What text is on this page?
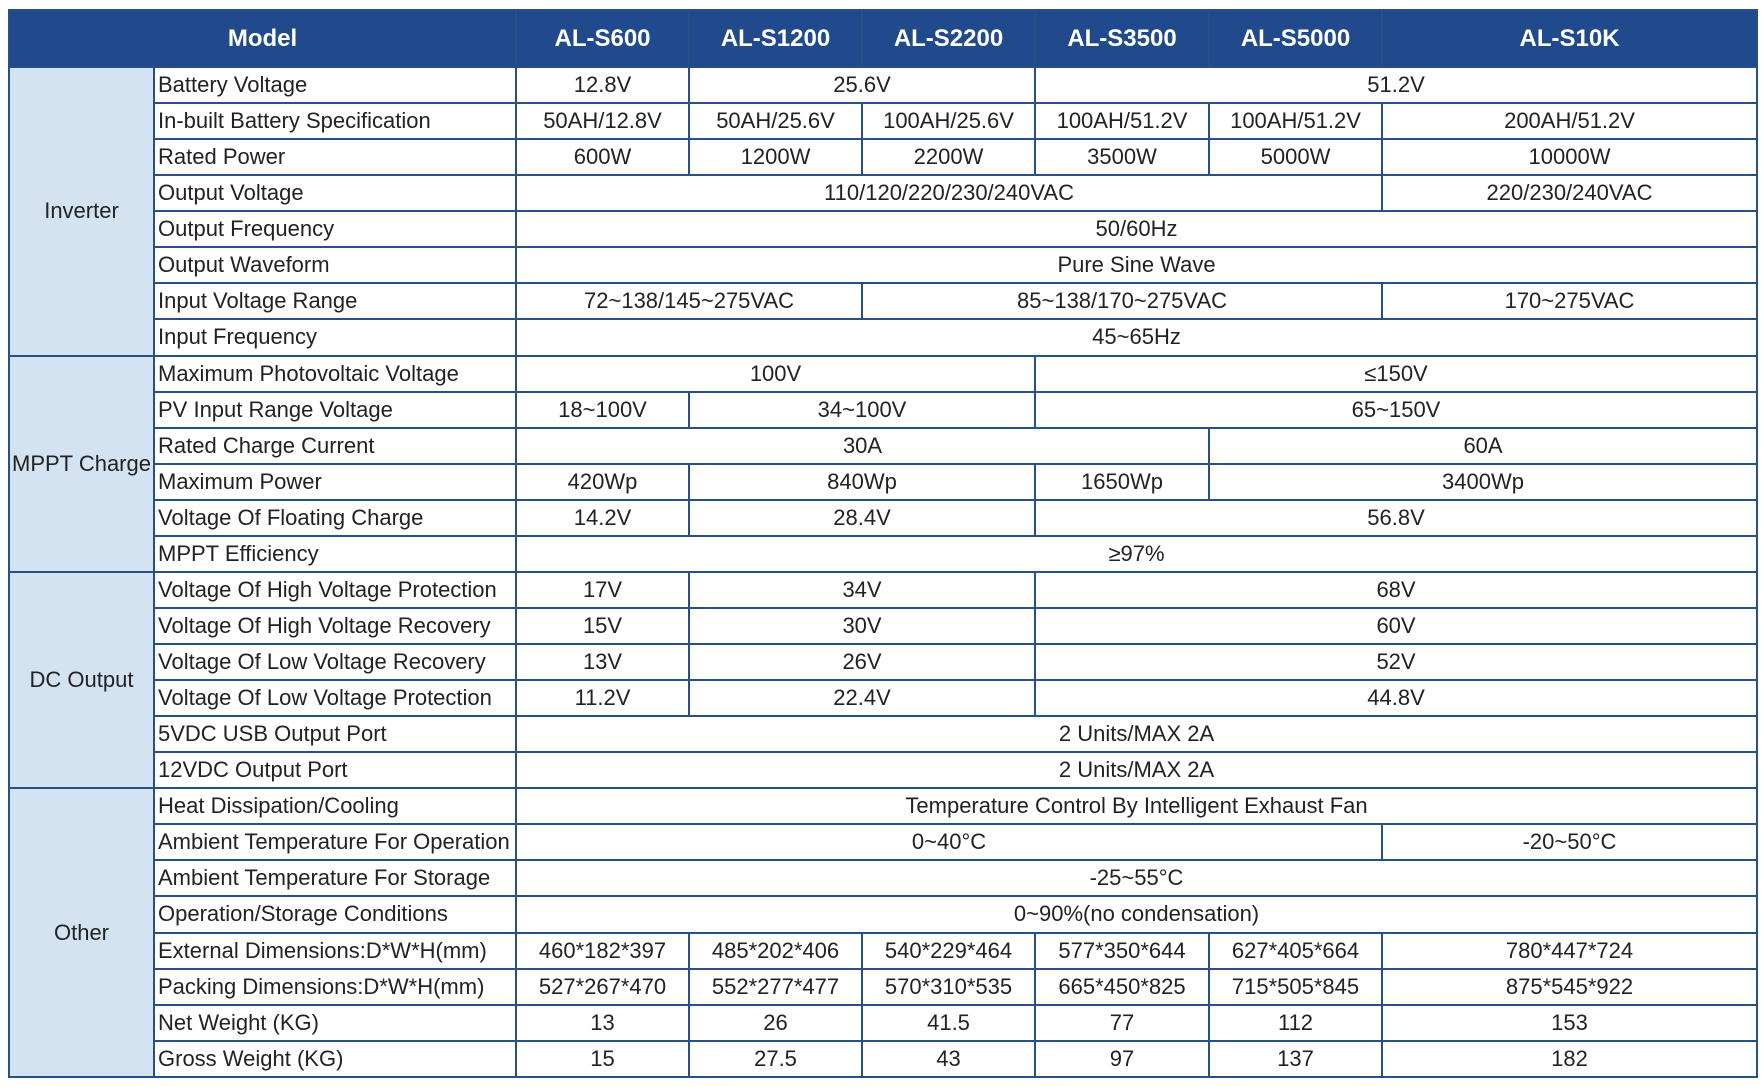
Model		AL-S600	AL-S1200	AL-S2200	AL-S3500	AL-S5000	AL-S10K
Inverter	Battery Voltage	12.8V	25.6V		51.2V		
	In-built Battery Specification	50AH/12.8V	50AH/25.6V	100AH/25.6V	100AH/51.2V	100AH/51.2V	200AH/51.2V
	Rated Power	600W	1200W	2200W	3500W	5000W	10000W
	Output Voltage	110/120/220/230/240VAC					220/230/240VAC
	Output Frequency	50/60Hz					
	Output Waveform	Pure Sine Wave					
	Input Voltage Range	72~138/145~275VAC		85~138/170~275VAC			170~275VAC
	Input Frequency	45~65Hz					
MPPT Charge	Maximum Photovoltaic Voltage	100V			≤150V		
	PV Input Range Voltage	18~100V	34~100V		65~150V		
	Rated Charge Current	30A				60A	
	Maximum Power	420Wp	840Wp		1650Wp	3400Wp	
	Voltage Of Floating Charge	14.2V	28.4V		56.8V		
	MPPT Efficiency	≥97%					
DC Output	Voltage Of High Voltage Protection	17V	34V		68V		
	Voltage Of High Voltage Recovery	15V	30V		60V		
	Voltage Of Low Voltage Recovery	13V	26V		52V		
	Voltage Of Low Voltage Protection	11.2V	22.4V		44.8V		
	5VDC USB Output Port	2 Units/MAX 2A					
	12VDC Output Port	2 Units/MAX 2A					
Other	Heat Dissipation/Cooling	Temperature Control By Intelligent Exhaust Fan					
	Ambient Temperature For Operation	0~40°C					-20~50°C
	Ambient Temperature For Storage	-25~55°C					
	Operation/Storage Conditions	0~90%(no condensation)					
	External Dimensions:D*W*H(mm)	460*182*397	485*202*406	540*229*464	577*350*644	627*405*664	780*447*724
	Packing Dimensions:D*W*H(mm)	527*267*470	552*277*477	570*310*535	665*450*825	715*505*845	875*545*922
	Net Weight (KG)	13	26	41.5	77	112	153
	Gross Weight (KG)	15	27.5	43	97	137	182
